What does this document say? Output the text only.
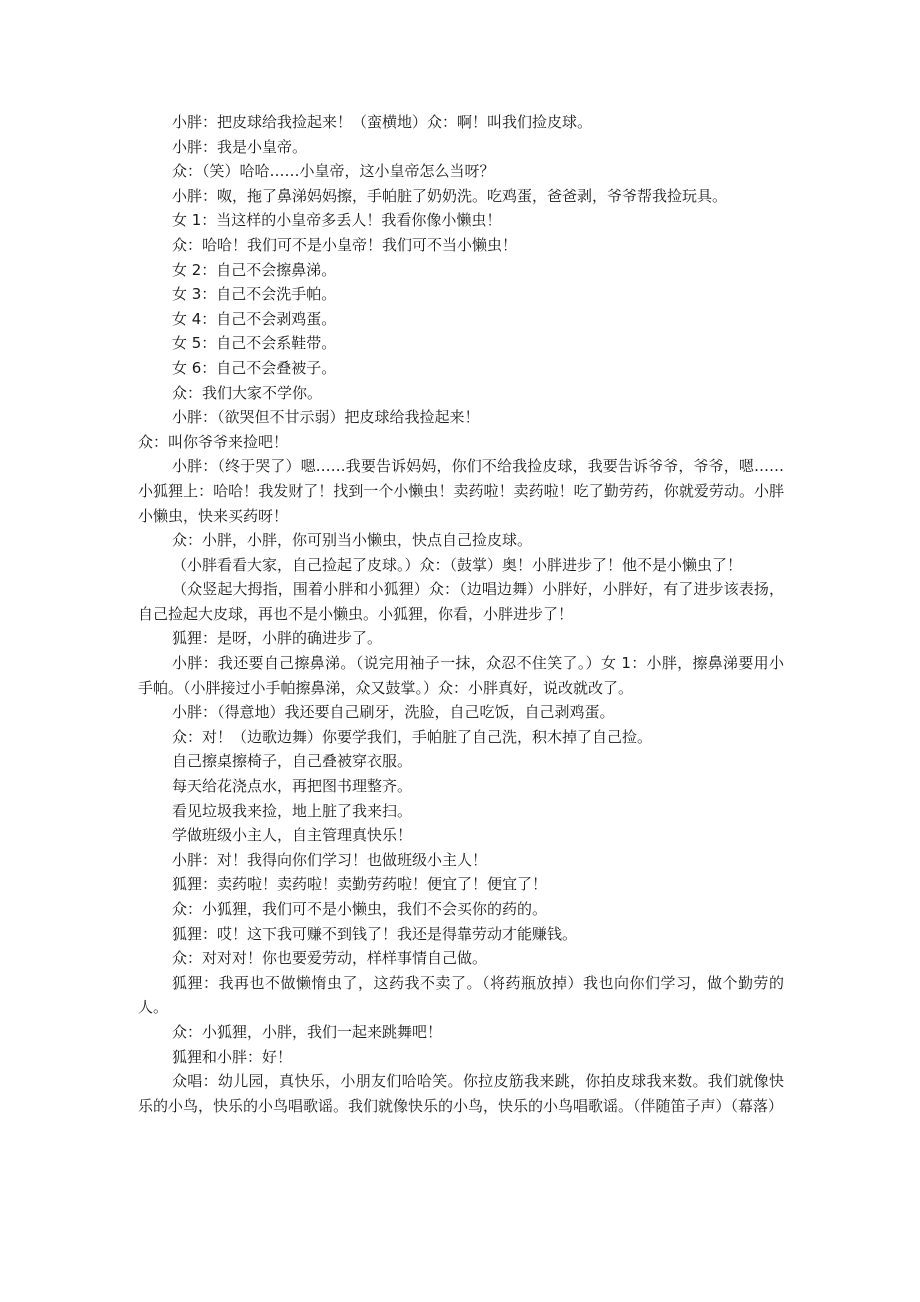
小胖：把皮球给我捡起来！（蛮横地）众：啊！叫我们捡皮球。

小胖：我是小皇帝。

众：（笑）哈哈……小皇帝，这小皇帝怎么当呀？

小胖：呶，拖了鼻涕妈妈擦，手帕脏了奶奶洗。吃鸡蛋，爸爸剥，爷爷帮我捡玩具。

女 1：当这样的小皇帝多丢人！我看你像小懒虫！

众：哈哈！我们可不是小皇帝！我们可不当小懒虫！

女 2：自己不会擦鼻涕。

女 3：自己不会洗手帕。

女 4：自己不会剥鸡蛋。

女 5：自己不会系鞋带。

女 6：自己不会叠被子。

众：我们大家不学你。

小胖：（欲哭但不甘示弱）把皮球给我捡起来！

众：叫你爷爷来捡吧！

小胖：（终于哭了）嗯……我要告诉妈妈，你们不给我捡皮球，我要告诉爷爷，爷爷，嗯……小狐狸上：哈哈！我发财了！找到一个小懒虫！卖药啦！卖药啦！吃了勤劳药，你就爱劳动。小胖小懒虫，快来买药呀！

众：小胖，小胖，你可别当小懒虫，快点自己捡皮球。

（小胖看看大家，自己捡起了皮球。）众：（鼓掌）奥！小胖进步了！他不是小懒虫了！

（众竖起大拇指，围着小胖和小狐狸）众：（边唱边舞）小胖好，小胖好，有了进步该表扬，自己捡起大皮球，再也不是小懒虫。小狐狸，你看，小胖进步了！

狐狸：是呀，小胖的确进步了。

小胖：我还要自己擦鼻涕。（说完用袖子一抹，众忍不住笑了。）女 1：小胖，擦鼻涕要用小手帕。（小胖接过小手帕擦鼻涕，众又鼓掌。）众：小胖真好，说改就改了。

小胖：（得意地）我还要自己刷牙，洗脸，自己吃饭，自己剥鸡蛋。

众：对！（边歌边舞）你要学我们，手帕脏了自己洗，积木掉了自己捡。

自己擦桌擦椅子，自己叠被穿衣服。

每天给花浇点水，再把图书理整齐。

看见垃圾我来捡，地上脏了我来扫。

学做班级小主人，自主管理真快乐！

小胖：对！我得向你们学习！也做班级小主人！

狐狸：卖药啦！卖药啦！卖勤劳药啦！便宜了！便宜了！

众：小狐狸，我们可不是小懒虫，我们不会买你的药的。

狐狸：哎！这下我可赚不到钱了！我还是得靠劳动才能赚钱。

众：对对对！你也要爱劳动，样样事情自己做。

狐狸：我再也不做懒惰虫了，这药我不卖了。（将药瓶放掉）我也向你们学习，做个勤劳的人。

众：小狐狸，小胖，我们一起来跳舞吧！

狐狸和小胖：好！

众唱：幼儿园，真快乐，小朋友们哈哈笑。你拉皮筋我来跳，你拍皮球我来数。我们就像快乐的小鸟，快乐的小鸟唱歌谣。我们就像快乐的小鸟，快乐的小鸟唱歌谣。（伴随笛子声）（幕落）
